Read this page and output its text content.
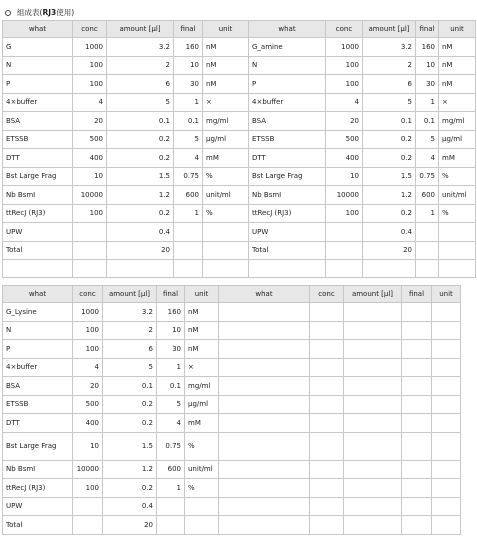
組成表( RJ3 使用)
what	conc	amount [µl]	final	unit	what	conc	amount [µl]	final	unit
G	1000	3.2	160	nM	G_amine	1000	3.2	160	nM
N	100	2	10	nM	N	100	2	10	nM
P	100	6	30	nM	P	100	6	30	nM
4×buffer	4	5	1	×	4×buffer	4	5	1	×
BSA	20	0.1	0.1	mg/ml	BSA	20	0.1	0.1	mg/ml
ETSSB	500	0.2	5	µg/ml	ETSSB	500	0.2	5	µg/ml
DTT	400	0.2	4	mM	DTT	400	0.2	4	mM
Bst Large Frag	10	1.5	0.75	%	Bst Large Frag	10	1.5	0.75	%
Nb BsmI	10000	1.2	600	unit/ml	Nb BsmI	10000	1.2	600	unit/ml
ttRecJ (RJ3)	100	0.2	1	%	ttRecJ (RJ3)	100	0.2	1	%
UPW		0.4			UPW		0.4		
Total		20			Total		20		

what	conc	amount [µl]	final	unit	what	conc	amount [µl]	final	unit
G_Lysine	1000	3.2	160	nM					
N	100	2	10	nM					
P	100	6	30	nM					
4×buffer	4	5	1	×					
BSA	20	0.1	0.1	mg/ml					
ETSSB	500	0.2	5	µg/ml					
DTT	400	0.2	4	mM					
Bst Large Frag	10	1.5	0.75	%					
Nb BsmI	10000	1.2	600	unit/ml					
ttRecJ (RJ3)	100	0.2	1	%					
UPW		0.4							
Total		20							
